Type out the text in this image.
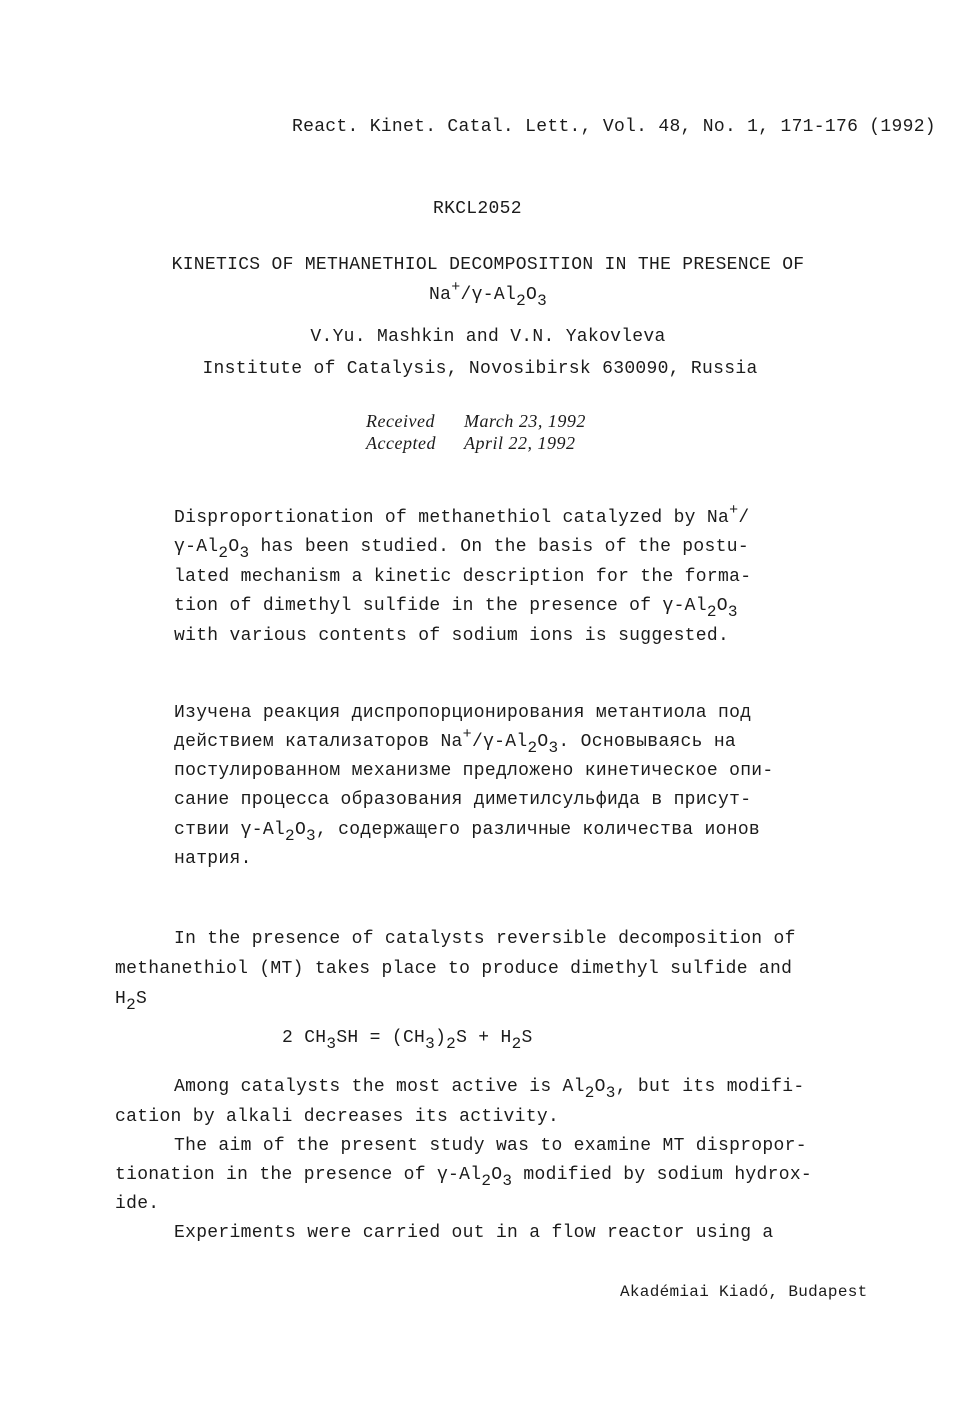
React. Kinet. Catal. Lett., Vol. 48, No. 1, 171-176 (1992)
RKCL2052
KINETICS OF METHANETHIOL DECOMPOSITION IN THE PRESENCE OF
$Na^+/\gamma-Al_2O_3$
V.Yu. Mashkin and V.N. Yakovleva
Institute of Catalysis, Novosibirsk 630090, Russia
Received March 23, 1992
Accepted April 22, 1992
Disproportionation of methanethiol catalyzed by Na+/
$\gamma-Al_2O_3$ has been studied. On the basis of the postu-
lated mechanism a kinetic description for the forma-
tion of dimethyl sulfide in the presence of $\gamma-Al_2O_3$
with various contents of sodium ions is suggested.
Изучена реакция диспропорционирования метантиола под
действием катализаторов $Na^+/\gamma-Al_2O_3$. Основываясь на
постулированном механизме предложено кинетическое опи-
сание процесса образования диметилсульфида в присут-
ствии $\gamma-Al_2O_3$, содержащего различные количества ионов
натрия.
In the presence of catalysts reversible decomposition of
methanethiol (MT) takes place to produce dimethyl sulfide and
$H_2S$
2 $CH_3SH = (CH_3)_2S + H_2S$
Among catalysts the most active is $Al_2O_3$, but its modifi-
cation by alkali decreases its activity.
The aim of the present study was to examine MT dispropor-
tionation in the presence of $\gamma-Al_2O_3$ modified by sodium hydrox-
ide.
Experiments were carried out in a flow reactor using a
Akadémiai Kiadó, Budapest
